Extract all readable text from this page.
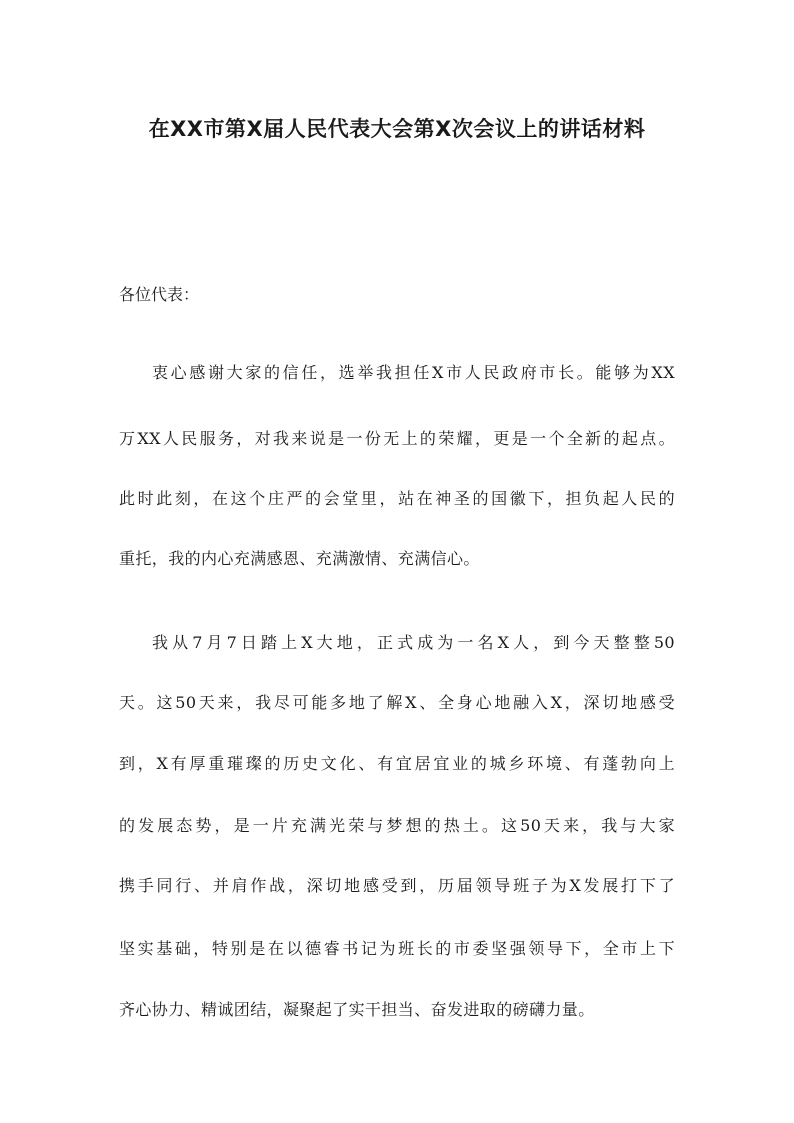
在XX市第X届人民代表大会第X次会议上的讲话材料

各位代表：

衷心感谢大家的信任，选举我担任X市人民政府市长。能够为XX

万XX人民服务，对我来说是一份无上的荣耀，更是一个全新的起点。

此时此刻，在这个庄严的会堂里，站在神圣的国徽下，担负起人民的

重托，我的内心充满感恩、充满激情、充满信心。

我从7月7日踏上X大地，正式成为一名X人，到今天整整50

天。这50天来，我尽可能多地了解X、全身心地融入X，深切地感受

到，X有厚重璀璨的历史文化、有宜居宜业的城乡环境、有蓬勃向上

的发展态势，是一片充满光荣与梦想的热土。这50天来，我与大家

携手同行、并肩作战，深切地感受到，历届领导班子为X发展打下了

坚实基础，特别是在以德睿书记为班长的市委坚强领导下，全市上下

齐心协力、精诚团结，凝聚起了实干担当、奋发进取的磅礴力量。
